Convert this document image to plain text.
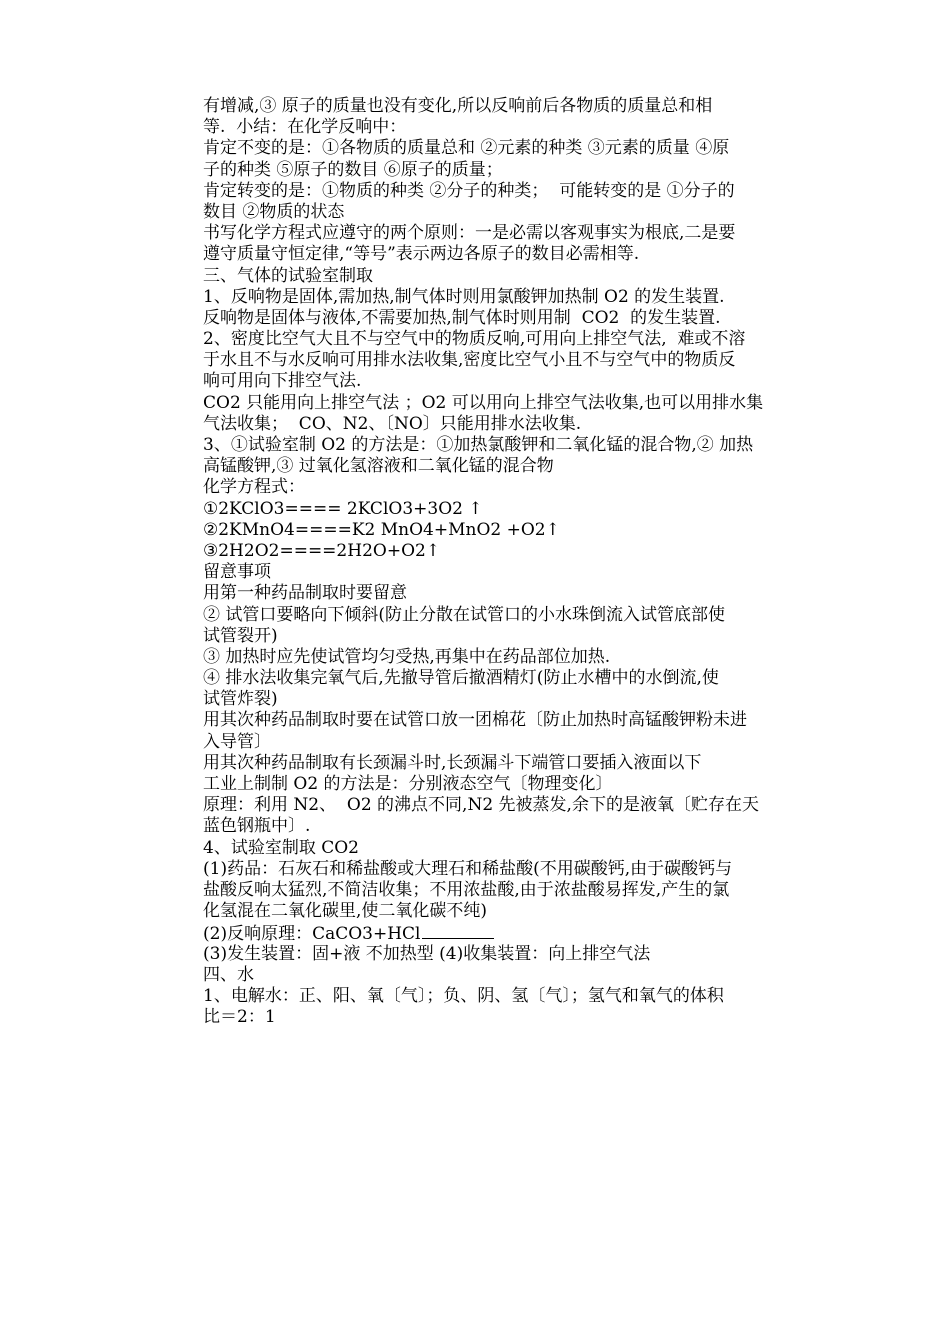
有增减,③ 原子的质量也没有变化,所以反响前后各物质的质量总和相
等.  小结：在化学反响中：
肯定不变的是：①各物质的质量总和 ②元素的种类 ③元素的质量 ④原
子的种类 ⑤原子的数目 ⑥原子的质量；
肯定转变的是：①物质的种类 ②分子的种类；  可能转变的是 ①分子的
数目 ②物质的状态
书写化学方程式应遵守的两个原则：一是必需以客观事实为根底,二是要
遵守质量守恒定律,“等号”表示两边各原子的数目必需相等.
三、气体的试验室制取
1、反响物是固体,需加热,制气体时则用氯酸钾加热制 O2 的发生装置.
反响物是固体与液体,不需要加热,制气体时则用制  CO2  的发生装置.
2、密度比空气大且不与空气中的物质反响,可用向上排空气法,  难或不溶
于水且不与水反响可用排水法收集,密度比空气小且不与空气中的物质反
响可用向下排空气法.
CO2 只能用向上排空气法 ；O2 可以用向上排空气法收集,也可以用排水集
气法收集；  CO、N2、〔NO〕只能用排水法收集.
3、①试验室制 O2 的方法是：①加热氯酸钾和二氧化锰的混合物,② 加热
高锰酸钾,③ 过氧化氢溶液和二氧化锰的混合物
化学方程式：
①2KClO3==== 2KClO3+3O2 ↑
②2KMnO4====K2 MnO4+MnO2 +O2↑
③2H2O2====2H2O+O2↑
留意事项
用第一种药品制取时要留意
② 试管口要略向下倾斜(防止分散在试管口的小水珠倒流入试管底部使
试管裂开)
③ 加热时应先使试管均匀受热,再集中在药品部位加热.
④ 排水法收集完氧气后,先撤导管后撤酒精灯(防止水槽中的水倒流,使
试管炸裂)
用其次种药品制取时要在试管口放一团棉花〔防止加热时高锰酸钾粉未进
入导管〕
用其次种药品制取有长颈漏斗时,长颈漏斗下端管口要插入液面以下
工业上制制 O2 的方法是：分别液态空气〔物理变化〕
原理：利用 N2、  O2 的沸点不同,N2 先被蒸发,余下的是液氧〔贮存在天
蓝色钢瓶中〕.
4、试验室制取 CO2
(1)药品：石灰石和稀盐酸或大理石和稀盐酸(不用碳酸钙,由于碳酸钙与
盐酸反响太猛烈,不简洁收集；不用浓盐酸,由于浓盐酸易挥发,产生的氯
化氢混在二氧化碳里,使二氧化碳不纯)
(2)反响原理：CaCO3+HCl
(3)发生装置：固+液 不加热型 (4)收集装置：向上排空气法
四、水
1、电解水：正、阳、氧〔气〕；负、阴、氢〔气〕；氢气和氧气的体积
比＝2：1
